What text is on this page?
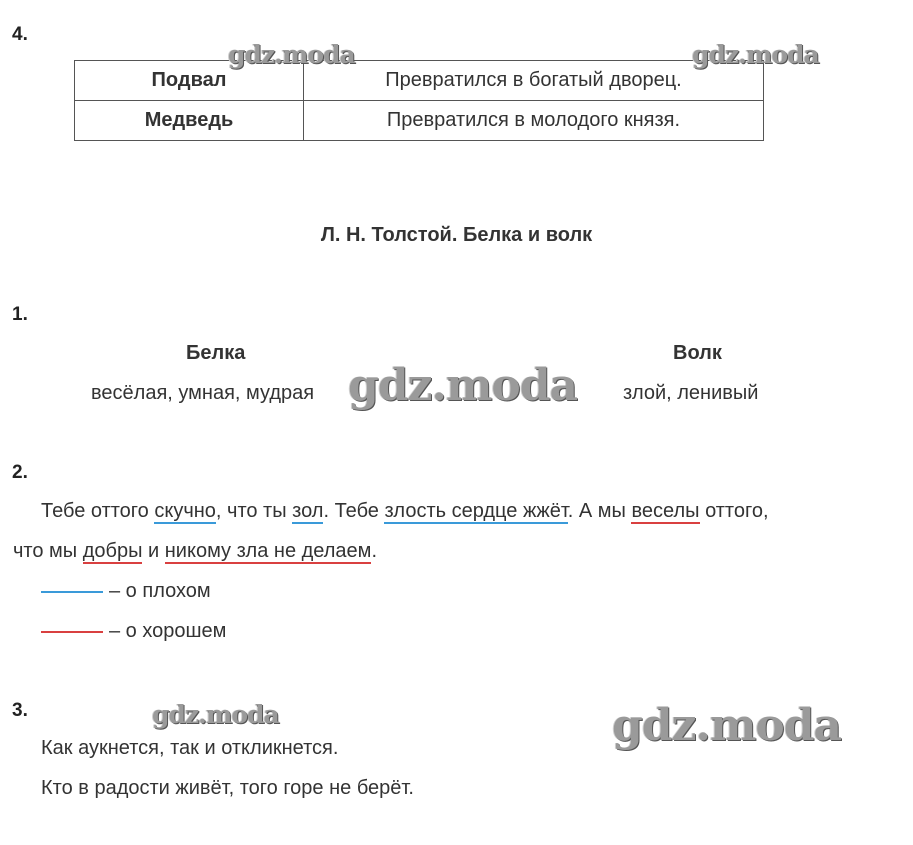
4.
Подвал	Превратился в богатый дворец.
Медведь	Превратился в молодого князя.
Л. Н. Толстой. Белка и волк
1.
Белка	Волк
весёлая, умная, мудрая	злой, ленивый
2.
Тебе оттого скучно, что ты зол. Тебе злость сердце жжёт. А мы веселы оттого,
что мы добры и никому зла не делаем.
– о плохом
– о хорошем
3.
Как аукнется, так и откликнется.
Кто в радости живёт, того горе не берёт.
gdz.moda	gdz.moda
gdz.moda
gdz.moda	gdz.moda
